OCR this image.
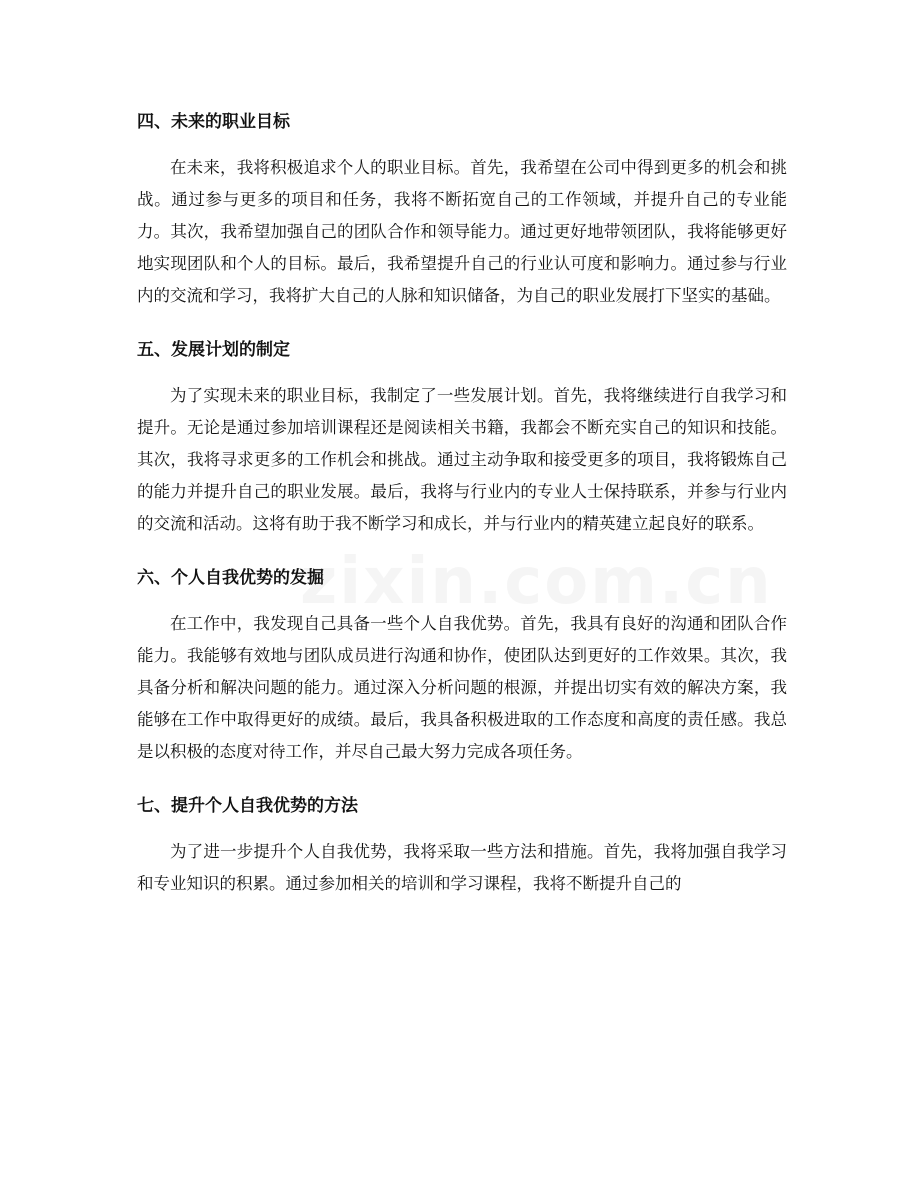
zixin.com.cn
四、未来的职业目标

在未来，我将积极追求个人的职业目标。首先，我希望在公司中得到更多的机会和挑战。通过参与更多的项目和任务，我将不断拓宽自己的工作领域，并提升自己的专业能力。其次，我希望加强自己的团队合作和领导能力。通过更好地带领团队，我将能够更好地实现团队和个人的目标。最后，我希望提升自己的行业认可度和影响力。通过参与行业内的交流和学习，我将扩大自己的人脉和知识储备，为自己的职业发展打下坚实的基础。

五、发展计划的制定

为了实现未来的职业目标，我制定了一些发展计划。首先，我将继续进行自我学习和提升。无论是通过参加培训课程还是阅读相关书籍，我都会不断充实自己的知识和技能。其次，我将寻求更多的工作机会和挑战。通过主动争取和接受更多的项目，我将锻炼自己的能力并提升自己的职业发展。最后，我将与行业内的专业人士保持联系，并参与行业内的交流和活动。这将有助于我不断学习和成长，并与行业内的精英建立起良好的联系。

六、个人自我优势的发掘

在工作中，我发现自己具备一些个人自我优势。首先，我具有良好的沟通和团队合作能力。我能够有效地与团队成员进行沟通和协作，使团队达到更好的工作效果。其次，我具备分析和解决问题的能力。通过深入分析问题的根源，并提出切实有效的解决方案，我能够在工作中取得更好的成绩。最后，我具备积极进取的工作态度和高度的责任感。我总是以积极的态度对待工作，并尽自己最大努力完成各项任务。

七、提升个人自我优势的方法

为了进一步提升个人自我优势，我将采取一些方法和措施。首先，我将加强自我学习和专业知识的积累。通过参加相关的培训和学习课程，我将不断提升自己的
